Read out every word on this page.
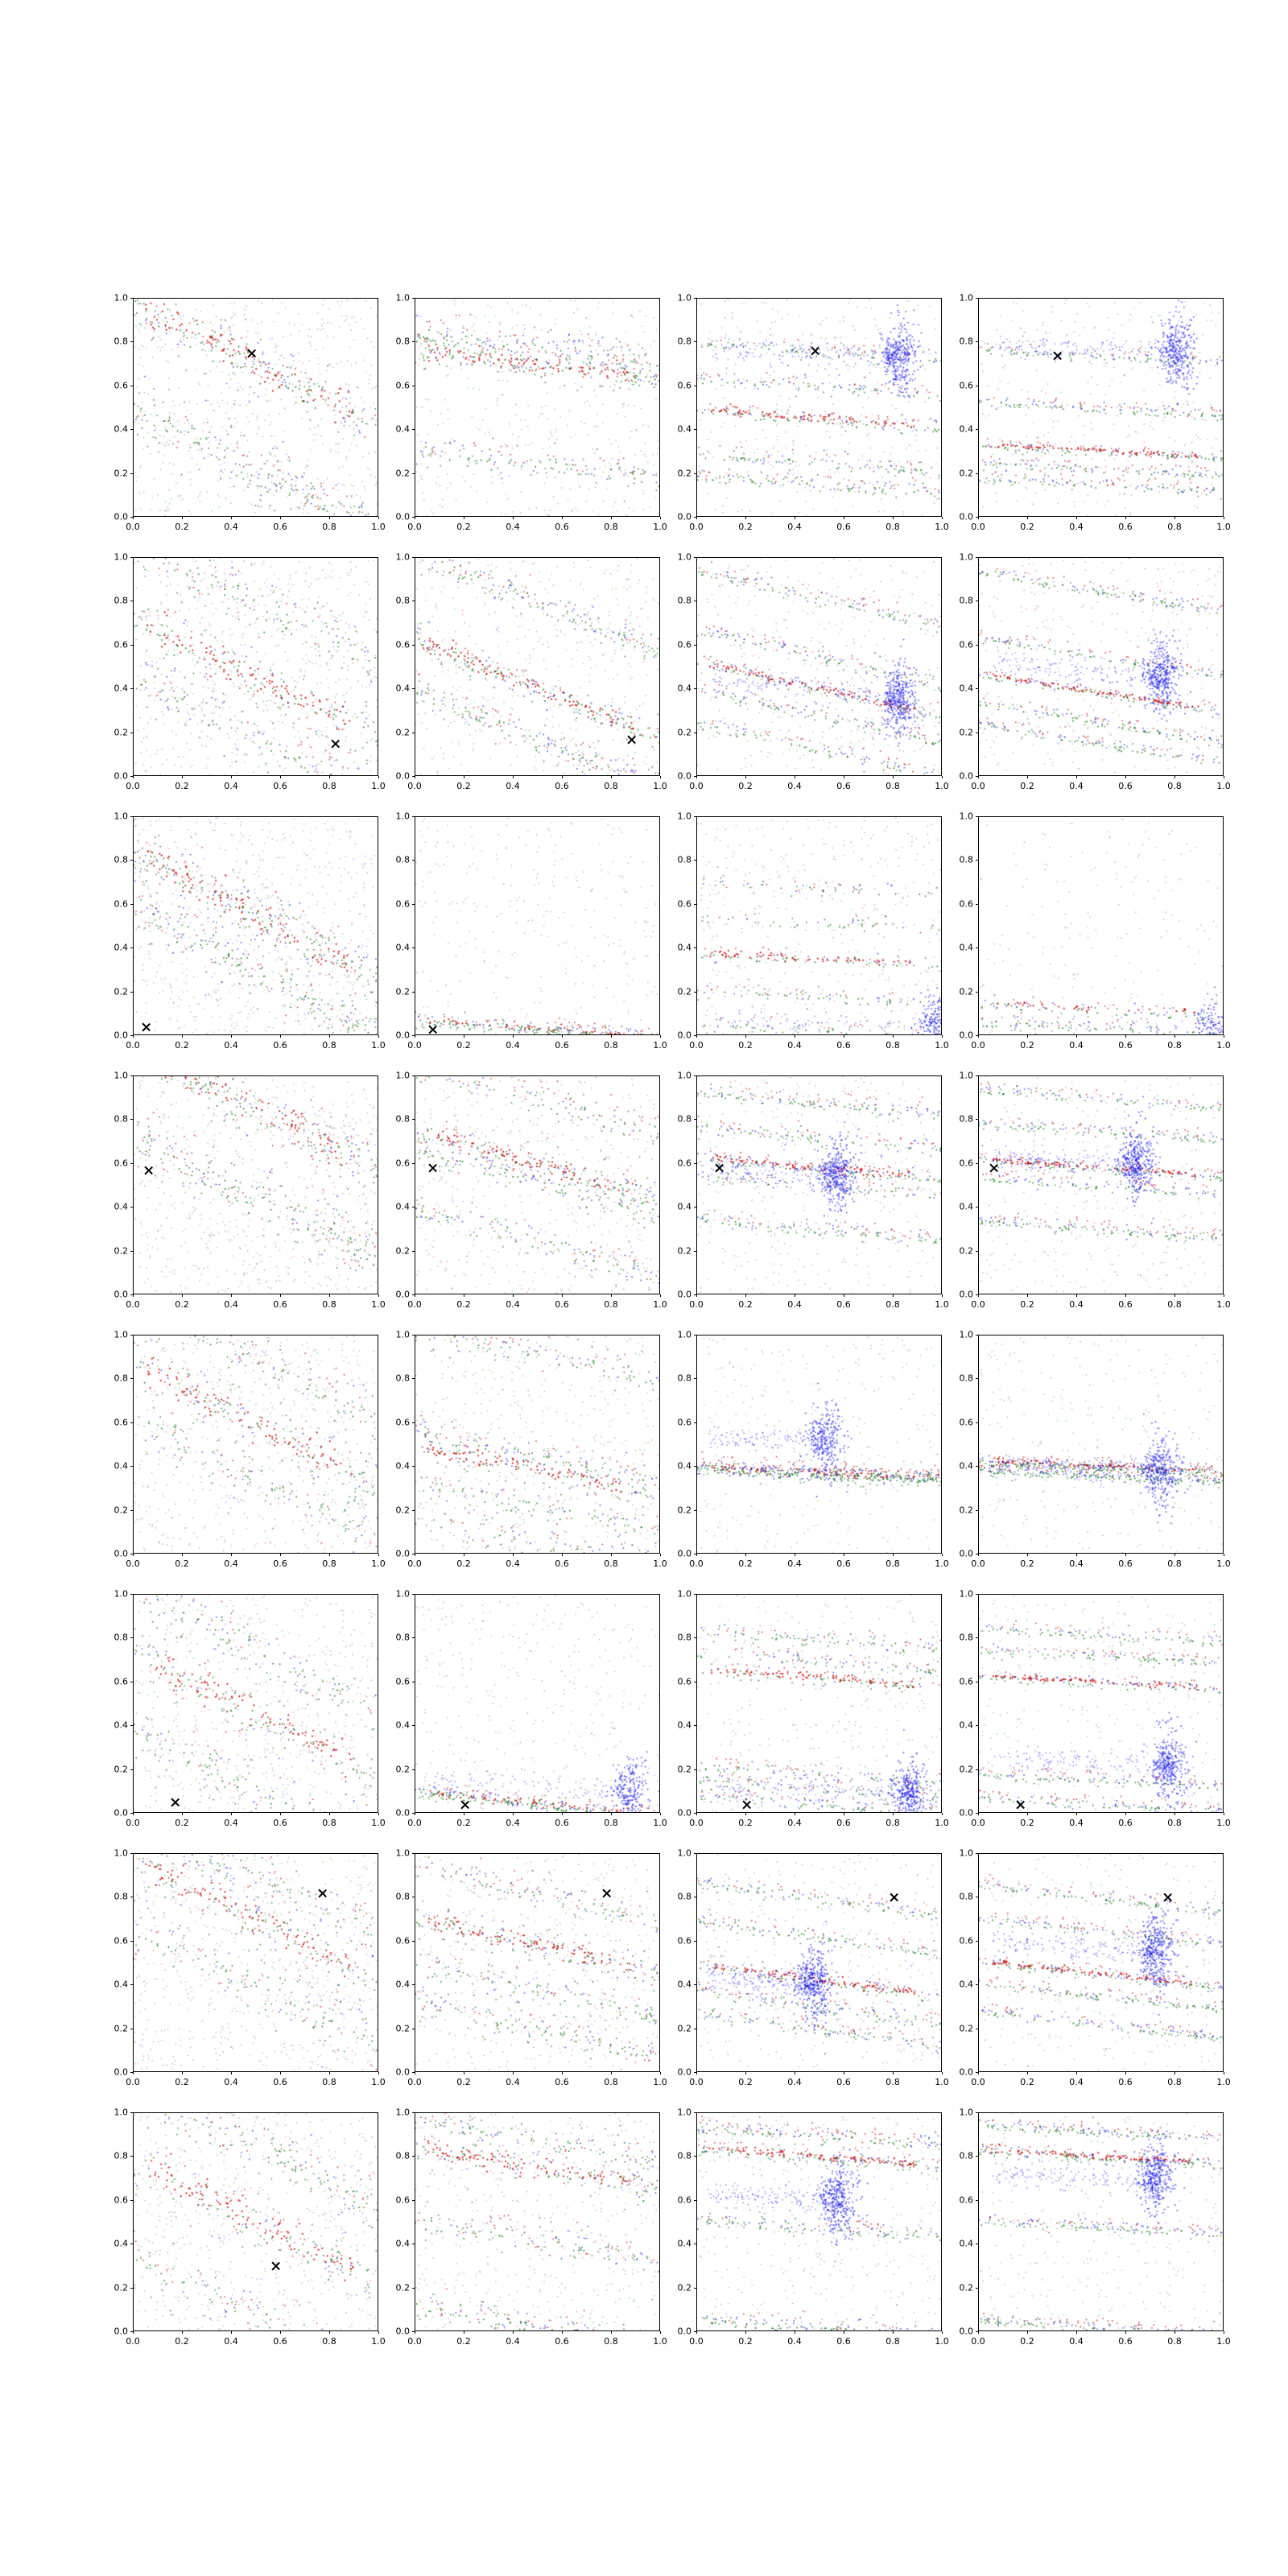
0.0	0.2	0.4	0.6	0.8	1.0
0.0
0.2
0.4
0.6
0.8
1.0
0.0	0.2	0.4	0.6	0.8	1.0
0.0
0.2
0.4
0.6
0.8
1.0
0.0	0.2	0.4	0.6	0.8	1.0
0.0
0.2
0.4
0.6
0.8
1.0
0.0	0.2	0.4	0.6	0.8	1.0
0.0
0.2
0.4
0.6
0.8
1.0
0.0	0.2	0.4	0.6	0.8	1.0
0.0
0.2
0.4
0.6
0.8
1.0
0.0	0.2	0.4	0.6	0.8	1.0
0.0
0.2
0.4
0.6
0.8
1.0
0.0	0.2	0.4	0.6	0.8	1.0
0.0
0.2
0.4
0.6
0.8
1.0
0.0	0.2	0.4	0.6	0.8	1.0
0.0
0.2
0.4
0.6
0.8
1.0
0.0	0.2	0.4	0.6	0.8	1.0
0.0
0.2
0.4
0.6
0.8
1.0
0.0	0.2	0.4	0.6	0.8	1.0
0.0
0.2
0.4
0.6
0.8
1.0
0.0	0.2	0.4	0.6	0.8	1.0
0.0
0.2
0.4
0.6
0.8
1.0
0.0	0.2	0.4	0.6	0.8	1.0
0.0
0.2
0.4
0.6
0.8
1.0
0.0	0.2	0.4	0.6	0.8	1.0
0.0
0.2
0.4
0.6
0.8
1.0
0.0	0.2	0.4	0.6	0.8	1.0
0.0
0.2
0.4
0.6
0.8
1.0
0.0	0.2	0.4	0.6	0.8	1.0
0.0
0.2
0.4
0.6
0.8
1.0
0.0	0.2	0.4	0.6	0.8	1.0
0.0
0.2
0.4
0.6
0.8
1.0
0.0	0.2	0.4	0.6	0.8	1.0
0.0
0.2
0.4
0.6
0.8
1.0
0.0	0.2	0.4	0.6	0.8	1.0
0.0
0.2
0.4
0.6
0.8
1.0
0.0	0.2	0.4	0.6	0.8	1.0
0.0
0.2
0.4
0.6
0.8
1.0
0.0	0.2	0.4	0.6	0.8	1.0
0.0
0.2
0.4
0.6
0.8
1.0
0.0	0.2	0.4	0.6	0.8	1.0
0.0
0.2
0.4
0.6
0.8
1.0
0.0	0.2	0.4	0.6	0.8	1.0
0.0
0.2
0.4
0.6
0.8
1.0
0.0	0.2	0.4	0.6	0.8	1.0
0.0
0.2
0.4
0.6
0.8
1.0
0.0	0.2	0.4	0.6	0.8	1.0
0.0
0.2
0.4
0.6
0.8
1.0
0.0	0.2	0.4	0.6	0.8	1.0
0.0
0.2
0.4
0.6
0.8
1.0
0.0	0.2	0.4	0.6	0.8	1.0
0.0
0.2
0.4
0.6
0.8
1.0
0.0	0.2	0.4	0.6	0.8	1.0
0.0
0.2
0.4
0.6
0.8
1.0
0.0	0.2	0.4	0.6	0.8	1.0
0.0
0.2
0.4
0.6
0.8
1.0
0.0	0.2	0.4	0.6	0.8	1.0
0.0
0.2
0.4
0.6
0.8
1.0
0.0	0.2	0.4	0.6	0.8	1.0
0.0
0.2
0.4
0.6
0.8
1.0
0.0	0.2	0.4	0.6	0.8	1.0
0.0
0.2
0.4
0.6
0.8
1.0
0.0	0.2	0.4	0.6	0.8	1.0
0.0
0.2
0.4
0.6
0.8
1.0
